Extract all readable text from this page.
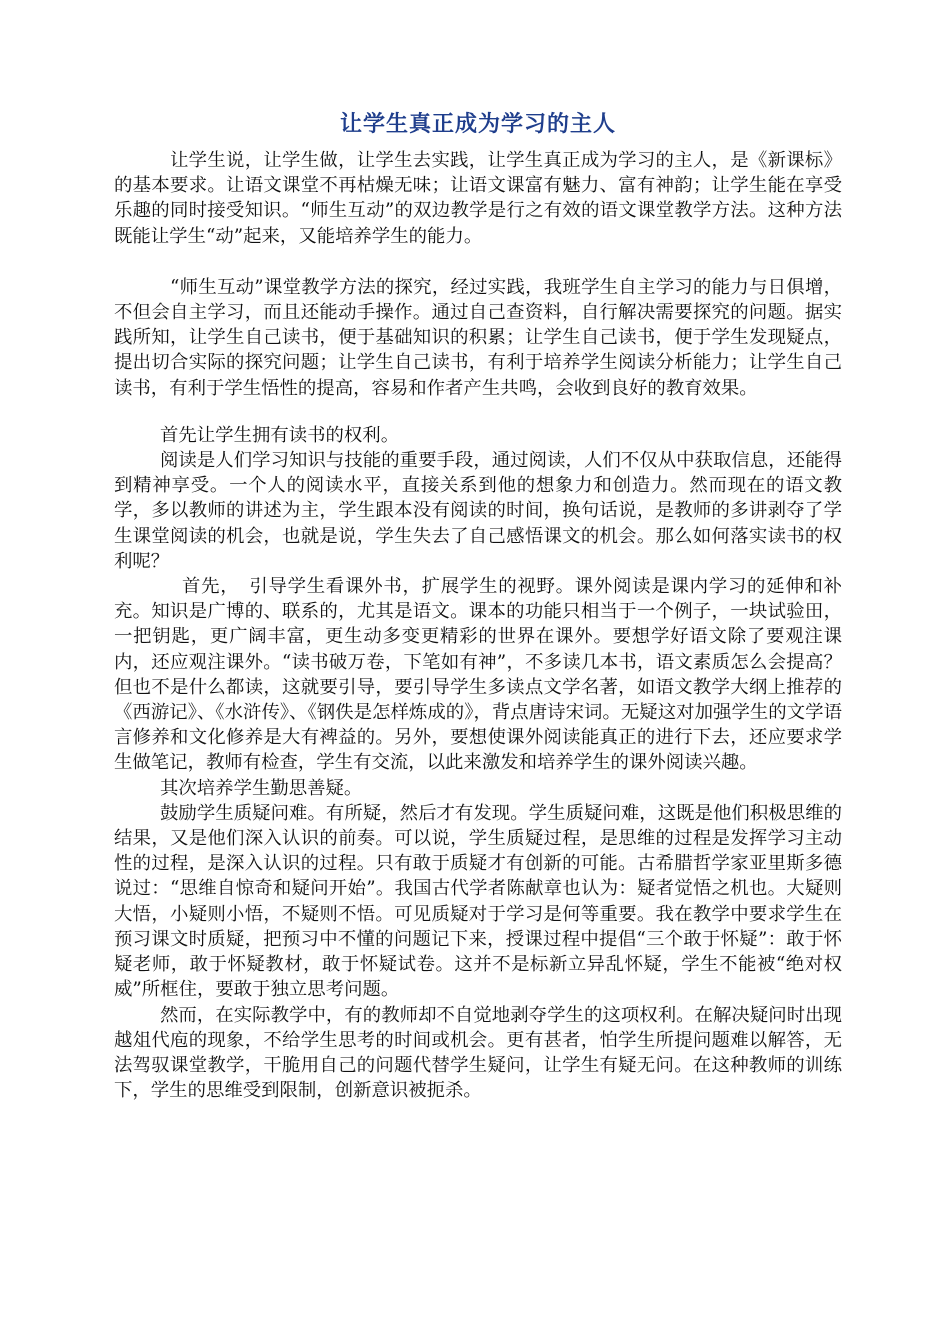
让学生真正成为学习的主人

让学生说，让学生做，让学生去实践，让学生真正成为学习的主人，是《新课标》的基本要求。让语文课堂不再枯燥无味；让语文课富有魅力、富有神韵；让学生能在享受乐趣的同时接受知识。“师生互动”的双边教学是行之有效的语文课堂教学方法。这种方法既能让学生“动”起来，又能培养学生的能力。

“师生互动”课堂教学方法的探究，经过实践，我班学生自主学习的能力与日俱增，不但会自主学习，而且还能动手操作。通过自己查资料，自行解决需要探究的问题。据实践所知，让学生自己读书，便于基础知识的积累；让学生自己读书，便于学生发现疑点，提出切合实际的探究问题；让学生自己读书，有利于培养学生阅读分析能力；让学生自己读书，有利于学生悟性的提高，容易和作者产生共鸣，会收到良好的教育效果。

首先让学生拥有读书的权利。

阅读是人们学习知识与技能的重要手段，通过阅读，人们不仅从中获取信息，还能得到精神享受。一个人的阅读水平，直接关系到他的想象力和创造力。然而现在的语文教学，多以教师的讲述为主，学生跟本没有阅读的时间，换句话说，是教师的多讲剥夺了学生课堂阅读的机会，也就是说，学生失去了自己感悟课文的机会。那么如何落实读书的权利呢？

首先，　引导学生看课外书，扩展学生的视野。课外阅读是课内学习的延伸和补充。知识是广博的、联系的，尤其是语文。课本的功能只相当于一个例子，一块试验田，一把钥匙，更广阔丰富，更生动多变更精彩的世界在课外。要想学好语文除了要观注课内，还应观注课外。“读书破万卷，下笔如有神”，不多读几本书，语文素质怎么会提高？但也不是什么都读，这就要引导，要引导学生多读点文学名著，如语文教学大纲上推荐的《西游记》、《水浒传》、《钢佚是怎样炼成的》，背点唐诗宋词。无疑这对加强学生的文学语言修养和文化修养是大有裨益的。另外，要想使课外阅读能真正的进行下去，还应要求学生做笔记，教师有检查，学生有交流，以此来激发和培养学生的课外阅读兴趣。

其次培养学生勤思善疑。

鼓励学生质疑问难。有所疑，然后才有发现。学生质疑问难，这既是他们积极思维的结果，又是他们深入认识的前奏。可以说，学生质疑过程，是思维的过程是发挥学习主动性的过程，是深入认识的过程。只有敢于质疑才有创新的可能。古希腊哲学家亚里斯多德说过：“思维自惊奇和疑问开始”。我国古代学者陈献章也认为：疑者觉悟之机也。大疑则大悟，小疑则小悟，不疑则不悟。可见质疑对于学习是何等重要。我在教学中要求学生在预习课文时质疑，把预习中不懂的问题记下来，授课过程中提倡“三个敢于怀疑”：敢于怀疑老师，敢于怀疑教材，敢于怀疑试卷。这并不是标新立异乱怀疑，学生不能被“绝对权威”所框住，要敢于独立思考问题。

然而，在实际教学中，有的教师却不自觉地剥夺学生的这项权利。在解决疑问时出现越俎代庖的现象，不给学生思考的时间或机会。更有甚者，怕学生所提问题难以解答，无法驾驭课堂教学，干脆用自己的问题代替学生疑问，让学生有疑无问。在这种教师的训练下，学生的思维受到限制，创新意识被扼杀。
